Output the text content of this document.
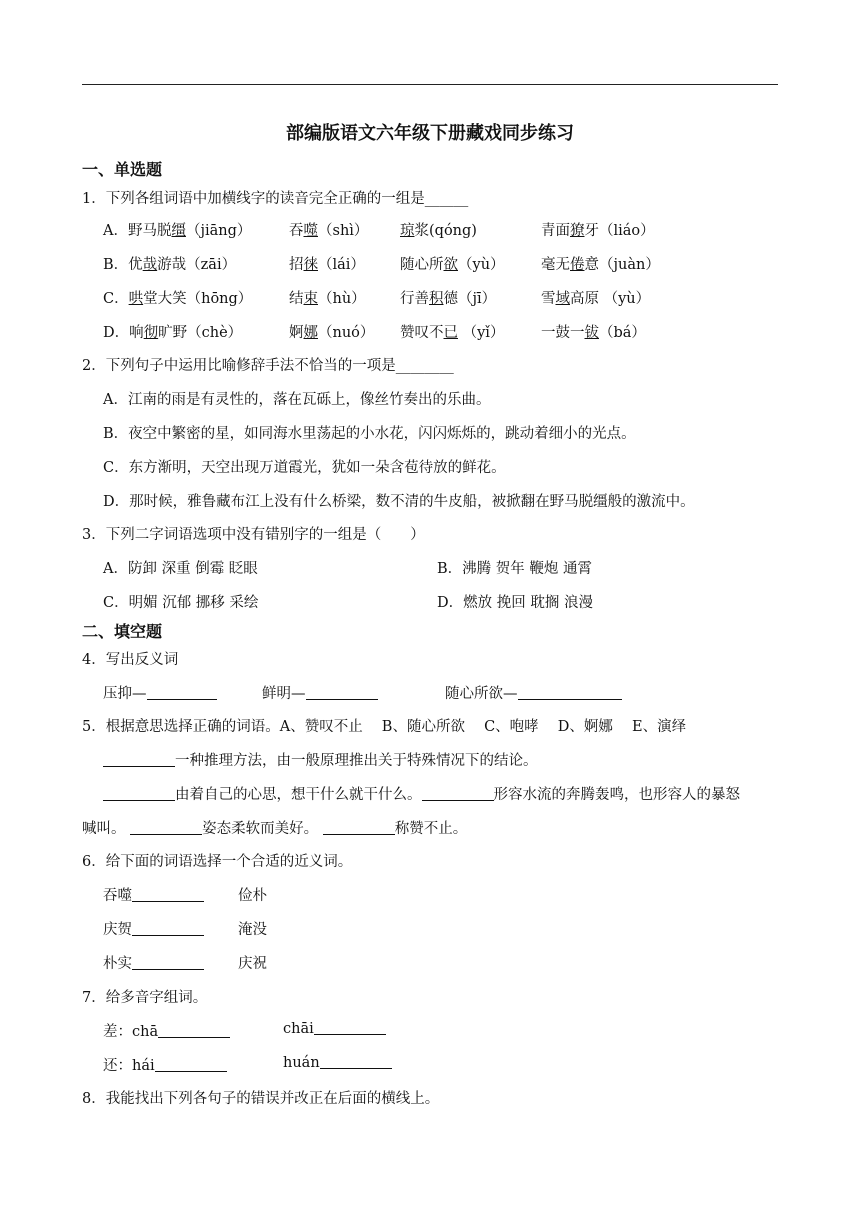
部编版语文六年级下册藏戏同步练习
一、单选题
1．下列各组词语中加横线字的读音完全正确的一组是______
A．野马脱缰（jiāng）	吞噬（shì） 琼浆(qóng)	青面獠牙（liáo）
B．优哉游哉（zāi）	招徕（lái） 随心所欲（yù）	毫无倦意（juàn）
C．哄堂大笑（hōng）	结束（hù） 行善积德（jī）	雪域高原 （yù）
D．响彻旷野（chè）	婀娜（nuó） 赞叹不已 （yǐ）	一鼓一钹（bá）
2．下列句子中运用比喻修辞手法不恰当的一项是________
A．江南的雨是有灵性的，落在瓦砾上，像丝竹奏出的乐曲。
B．夜空中繁密的星，如同海水里荡起的小水花，闪闪烁烁的，跳动着细小的光点。
C．东方渐明，天空出现万道霞光，犹如一朵含苞待放的鲜花。
D．那时候，雅鲁藏布江上没有什么桥梁，数不清的牛皮船，被掀翻在野马脱缰般的激流中。
3．下列二字词语选项中没有错别字的一组是（　　）
A．防卸 深重 倒霉 眨眼	B．沸腾 贺年 鞭炮 通霄
C．明媚 沉郁 挪移 采绘	D．燃放 挽回 耽搁 浪漫
二、填空题
4．写出反义词
压抑—	鲜明—	随心所欲—
5．根据意思选择正确的词语。A、赞叹不止　 B、随心所欲　 C、咆哮　 D、婀娜　 E、演绎
一种推理方法，由一般原理推出关于特殊情况下的结论。
由着自己的心思，想干什么就干什么。	形容水流的奔腾轰鸣，也形容人的暴怒
喊叫。	姿态柔软而美好。	称赞不止。
6．给下面的词语选择一个合适的近义词。
吞噬	俭朴
庆贺	淹没
朴实	庆祝
7．给多音字组词。
差：chā	chāi
还：hái	huán
8．我能找出下列各句子的错误并改正在后面的横线上。
